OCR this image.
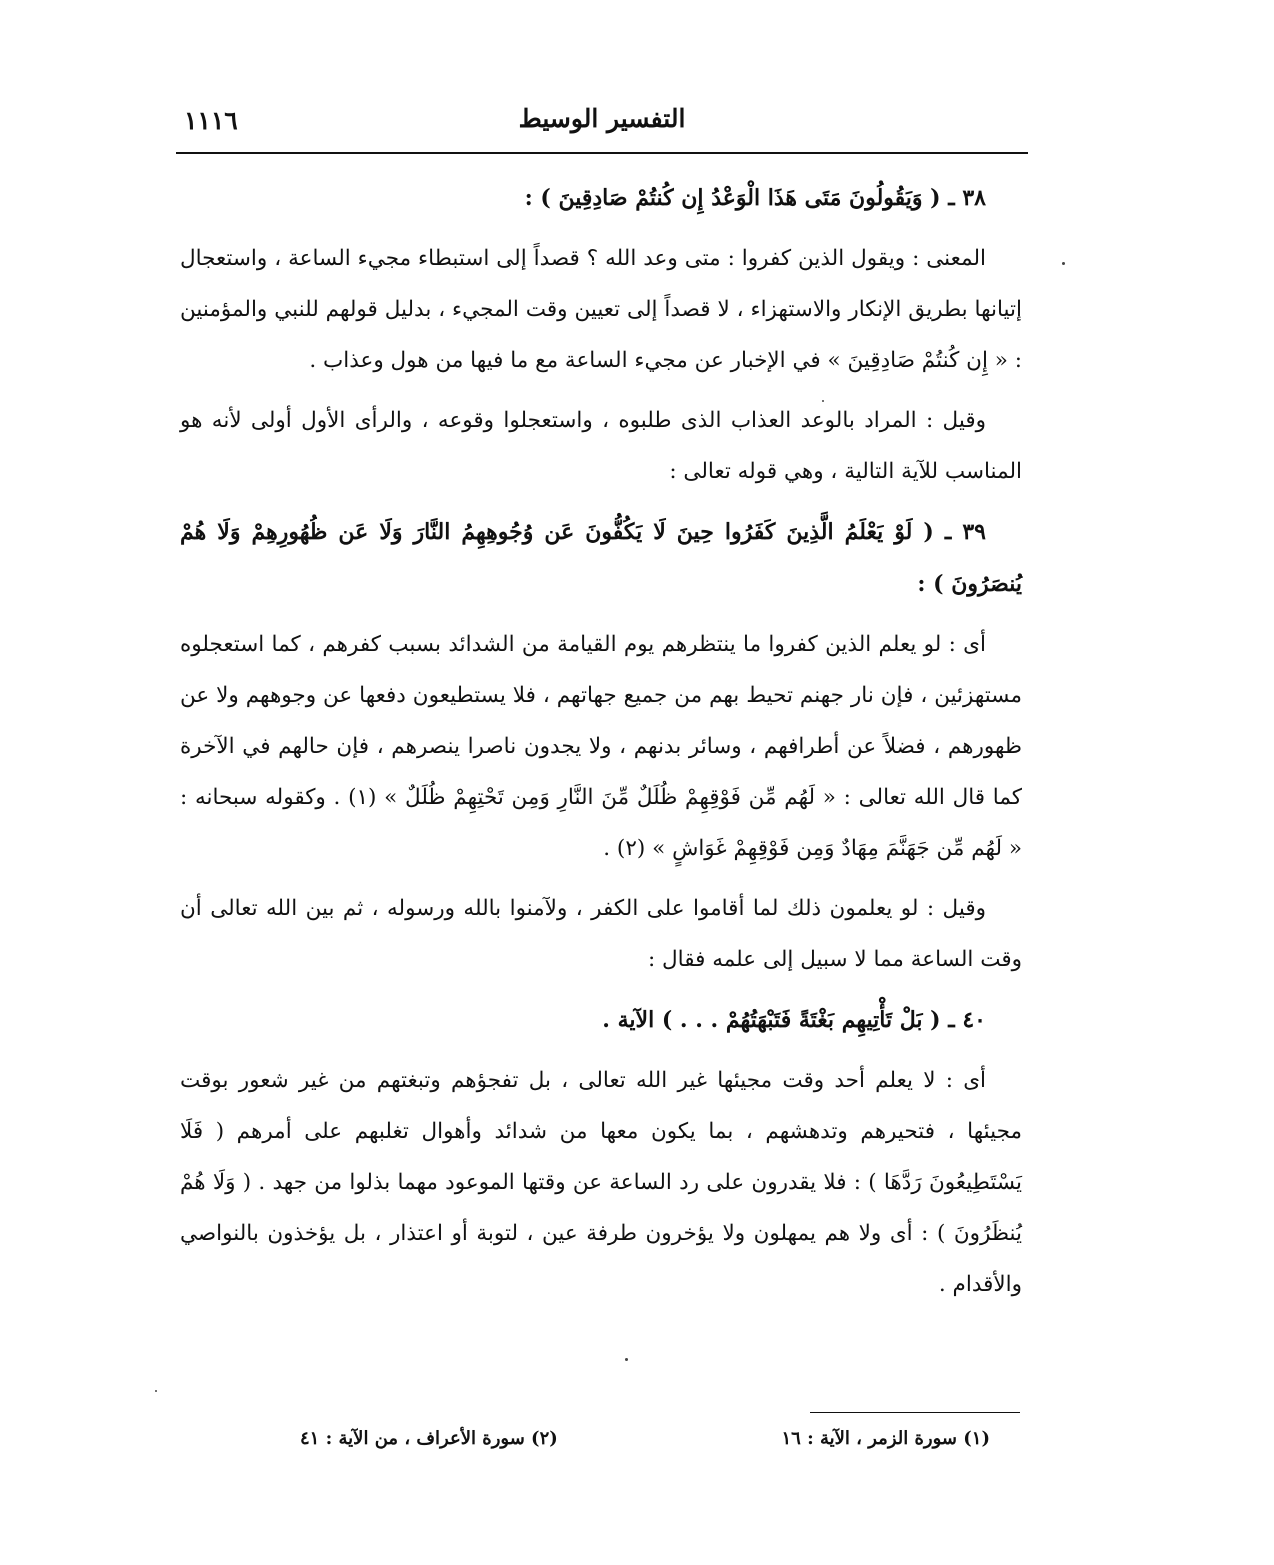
١١١٦	التفسير الوسيط

٣٨ ـ ( وَيَقُولُونَ مَتَى هَذَا الْوَعْدُ إِن كُنتُمْ صَادِقِينَ ) :

المعنى : ويقول الذين كفروا : متى وعد الله ؟ قصداً إلى استبطاء مجيء الساعة ، واستعجال إتيانها بطريق الإنكار والاستهزاء ، لا قصداً إلى تعيين وقت المجيء ، بدليل قولهم للنبي والمؤمنين : « إِن كُنتُمْ صَادِقِينَ » في الإخبار عن مجيء الساعة مع ما فيها من هول وعذاب .

وقيل : المراد بالوعد العذاب الذى طلبوه ، واستعجلوا وقوعه ، والرأى الأول أولى لأنه هو المناسب للآية التالية ، وهي قوله تعالى :

٣٩ ـ ( لَوْ يَعْلَمُ الَّذِينَ كَفَرُوا حِينَ لَا يَكُفُّونَ عَن وُجُوهِهِمُ النَّارَ وَلَا عَن ظُهُورِهِمْ وَلَا هُمْ يُنصَرُونَ ) :

أى : لو يعلم الذين كفروا ما ينتظرهم يوم القيامة من الشدائد بسبب كفرهم ، كما استعجلوه مستهزئين ، فإن نار جهنم تحيط بهم من جميع جهاتهم ، فلا يستطيعون دفعها عن وجوههم ولا عن ظهورهم ، فضلاً عن أطرافهم ، وسائر بدنهم ، ولا يجدون ناصرا ينصرهم ، فإن حالهم في الآخرة كما قال الله تعالى : « لَهُم مِّن فَوْقِهِمْ ظُلَلٌ مِّنَ النَّارِ وَمِن تَحْتِهِمْ ظُلَلٌ » (١) . وكقوله سبحانه : « لَهُم مِّن جَهَنَّمَ مِهَادٌ وَمِن فَوْقِهِمْ غَوَاشٍ » (٢) .

وقيل : لو يعلمون ذلك لما أقاموا على الكفر ، ولآمنوا بالله ورسوله ، ثم بين الله تعالى أن وقت الساعة مما لا سبيل إلى علمه فقال :

٤٠ ـ ( بَلْ تَأْتِيهِم بَغْتَةً فَتَبْهَتُهُمْ . . . ) الآية .

أى : لا يعلم أحد وقت مجيئها غير الله تعالى ، بل تفجؤهم وتبغتهم من غير شعور بوقت مجيئها ، فتحيرهم وتدهشهم ، بما يكون معها من شدائد وأهوال تغلبهم على أمرهم ( فَلَا يَسْتَطِيعُونَ رَدَّهَا ) : فلا يقدرون على رد الساعة عن وقتها الموعود مهما بذلوا من جهد . ( وَلَا هُمْ يُنظَرُونَ ) : أى ولا هم يمهلون ولا يؤخرون طرفة عين ، لتوبة أو اعتذار ، بل يؤخذون بالنواصي والأقدام .

(١) سورة الزمر ، الآية : ١٦
(٢) سورة الأعراف ، من الآية : ٤١
